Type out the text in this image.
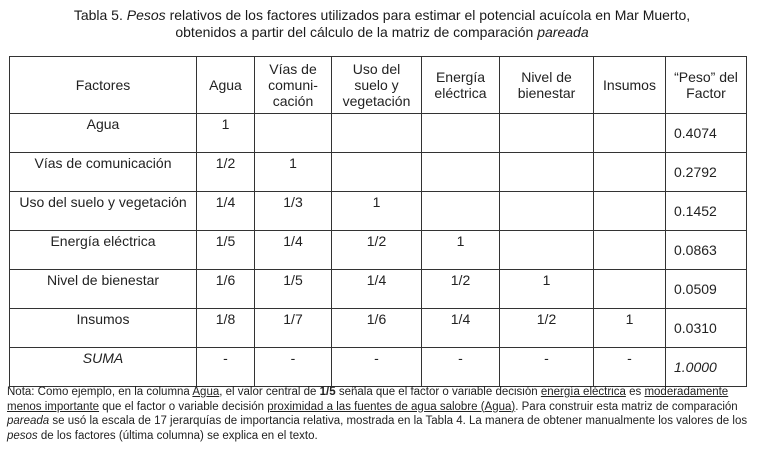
Tabla 5. Pesos relativos de los factores utilizados para estimar el potencial acuícola en Mar Muerto,
obtenidos a partir del cálculo de la matriz de comparación pareada
Factores	Agua	Vías de comuni-cación	Uso del suelo y vegetación	Energía eléctrica	Nivel de bienestar	Insumos	“Peso” del Factor
Agua	1						0.4074
Vías de comunicación	1/2	1					0.2792
Uso del suelo y vegetación	1/4	1/3	1				0.1452
Energía eléctrica	1/5	1/4	1/2	1			0.0863
Nivel de bienestar	1/6	1/5	1/4	1/2	1		0.0509
Insumos	1/8	1/7	1/6	1/4	1/2	1	0.0310
SUMA	-	-	-	-	-	-	1.0000
Nota: Como ejemplo, en la columna Agua, el valor central de 1/5 señala que el factor o variable decisión energía eléctrica es moderadamente menos importante que el factor o variable decisión proximidad a las fuentes de agua salobre (Agua). Para construir esta matriz de comparación pareada se usó la escala de 17 jerarquías de importancia relativa, mostrada en la Tabla 4. La manera de obtener manualmente los valores de los pesos de los factores (última columna) se explica en el texto.
